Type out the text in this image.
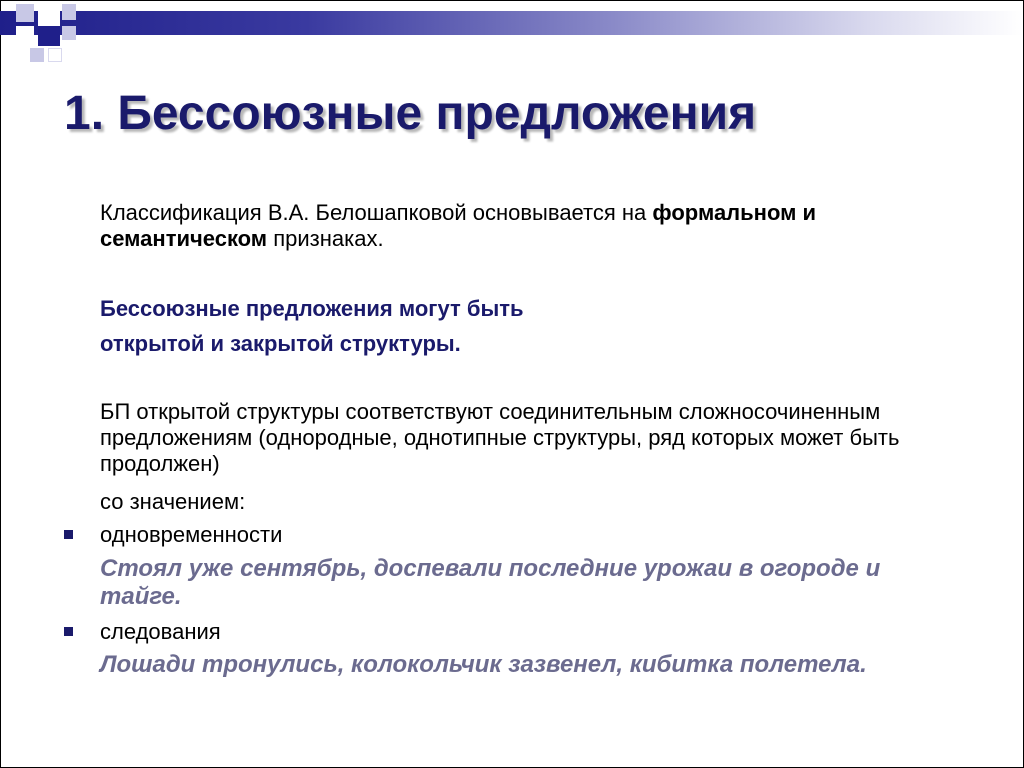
1. Бессоюзные предложения
Классификация В.А. Белошапковой основывается на формальном и семантическом признаках.
Бессоюзные предложения могут быть
открытой и закрытой структуры.
БП открытой структуры соответствуют соединительным сложносочиненным предложениям (однородные, однотипные структуры, ряд которых может быть продолжен)
со значением:
одновременности
Стоял уже сентябрь, доспевали последние урожаи в огороде и тайге.
следования
Лошади тронулись, колокольчик зазвенел, кибитка полетела.
